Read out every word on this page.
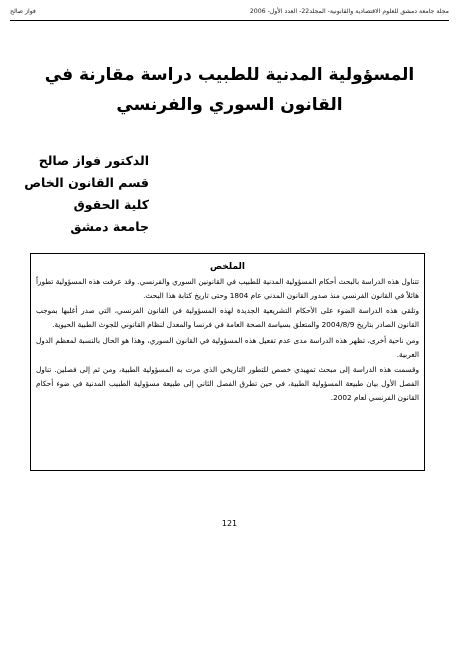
مجلة جامعة دمشق للعلوم الاقتصادية والقانونية- المجلد22- العدد الأول- 2006
فواز صالح
المسؤولية المدنية للطبيب دراسة مقارنة في القانون السوري والفرنسي
الدكتور فواز صالح
قسم القانون الخاص
كلية الحقوق
جامعة دمشق
الملخص

تتناول هذه الدراسة بالبحث أحكام المسؤولية المدنية للطبيب في القانونين السوري والفرنسي. وقد عرفت هذه المسؤولية تطوراً هائلاً في القانون الفرنسي منذ صدور القانون المدني عام 1804 وحتى تاريخ كتابة هذا البحث.

وتلقي هذه الدراسة الضوء على الأحكام التشريعية الجديدة لهذه المسؤولية في القانون الفرنسي، التي صدر أغلبها بموجب القانون الصادر بتاريخ 2004/8/9 والمتعلق بسياسة الصحة العامة في فرنسا والمعدل لنظام القانوني للجوث الطبية الحيوية.

ومن ناحية أخرى، تظهر هذه الدراسة مدى عدم تفعيل هذه المسؤولية في القانون السوري، وهذا هو الحال بالنسبة لمعظم الدول العربية.

وقسمت هذه الدراسة إلى مبحث تمهيدي خصص للتطور التاريخي الذي مرت به المسؤولية الطبية، ومن ثم إلى فصلين. تناول الفصل الأول بيان طبيعة المسؤولية الطبية، في حين تطرق الفصل الثاني إلى طبيعة مسؤولية الطبيب المدنية في ضوء أحكام القانون الفرنسي لعام 2002.

121
